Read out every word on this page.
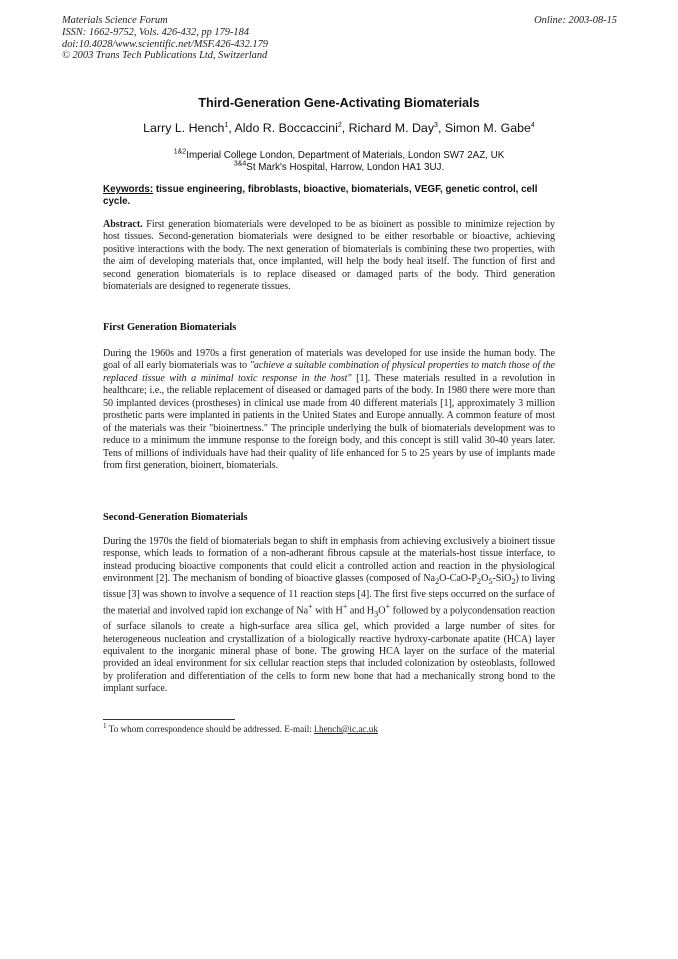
Materials Science Forum
ISSN: 1662-9752, Vols. 426-432, pp 179-184
doi:10.4028/www.scientific.net/MSF.426-432.179
© 2003 Trans Tech Publications Ltd, Switzerland
Online: 2003-08-15
Third-Generation Gene-Activating Biomaterials
Larry L. Hench$^1$, Aldo R. Boccaccini$^2$, Richard M. Day$^3$, Simon M. Gabe$^4$
$^{1\&2}$Imperial College London, Department of Materials, London SW7 2AZ, UK
$^{3\&4}$St Mark's Hospital, Harrow, London HA1 3UJ.
Keywords: tissue engineering, fibroblasts, bioactive, biomaterials, VEGF, genetic control, cell cycle.
Abstract. First generation biomaterials were developed to be as bioinert as possible to minimize rejection by host tissues. Second-generation biomaterials were designed to be either resorbable or bioactive, achieving positive interactions with the body. The next generation of biomaterials is combining these two properties, with the aim of developing materials that, once implanted, will help the body heal itself. The function of first and second generation biomaterials is to replace diseased or damaged parts of the body. Third generation biomaterials are designed to regenerate tissues.
First Generation Biomaterials
During the 1960s and 1970s a first generation of materials was developed for use inside the human body. The goal of all early biomaterials was to "achieve a suitable combination of physical properties to match those of the replaced tissue with a minimal toxic response in the host" [1]. These materials resulted in a revolution in healthcare; i.e., the reliable replacement of diseased or damaged parts of the body. In 1980 there were more than 50 implanted devices (prostheses) in clinical use made from 40 different materials [1], approximately 3 million prosthetic parts were implanted in patients in the United States and Europe annually. A common feature of most of the materials was their "bioinertness." The principle underlying the bulk of biomaterials development was to reduce to a minimum the immune response to the foreign body, and this concept is still valid 30-40 years later. Tens of millions of individuals have had their quality of life enhanced for 5 to 25 years by use of implants made from first generation, bioinert, biomaterials.
Second-Generation Biomaterials
During the 1970s the field of biomaterials began to shift in emphasis from achieving exclusively a bioinert tissue response, which leads to formation of a non-adherant fibrous capsule at the materials-host tissue interface, to instead producing bioactive components that could elicit a controlled action and reaction in the physiological environment [2]. The mechanism of bonding of bioactive glasses (composed of $Na_2O-CaO-P_2O_5-SiO_2$) to living tissue [3] was shown to involve a sequence of 11 reaction steps [4]. The first five steps occurred on the surface of the material and involved rapid ion exchange of Na+ with H+ and $H_3O^+$ followed by a polycondensation reaction of surface silanols to create a high-surface area silica gel, which provided a large number of sites for heterogeneous nucleation and crystallization of a biologically reactive hydroxy-carbonate apatite (HCA) layer equivalent to the inorganic mineral phase of bone. The growing HCA layer on the surface of the material provided an ideal environment for six cellular reaction steps that included colonization by osteoblasts, followed by proliferation and differentiation of the cells to form new bone that had a mechanically strong bond to the implant surface.
$^1$ To whom correspondence should be addressed. E-mail: l.hench@ic.ac.uk
